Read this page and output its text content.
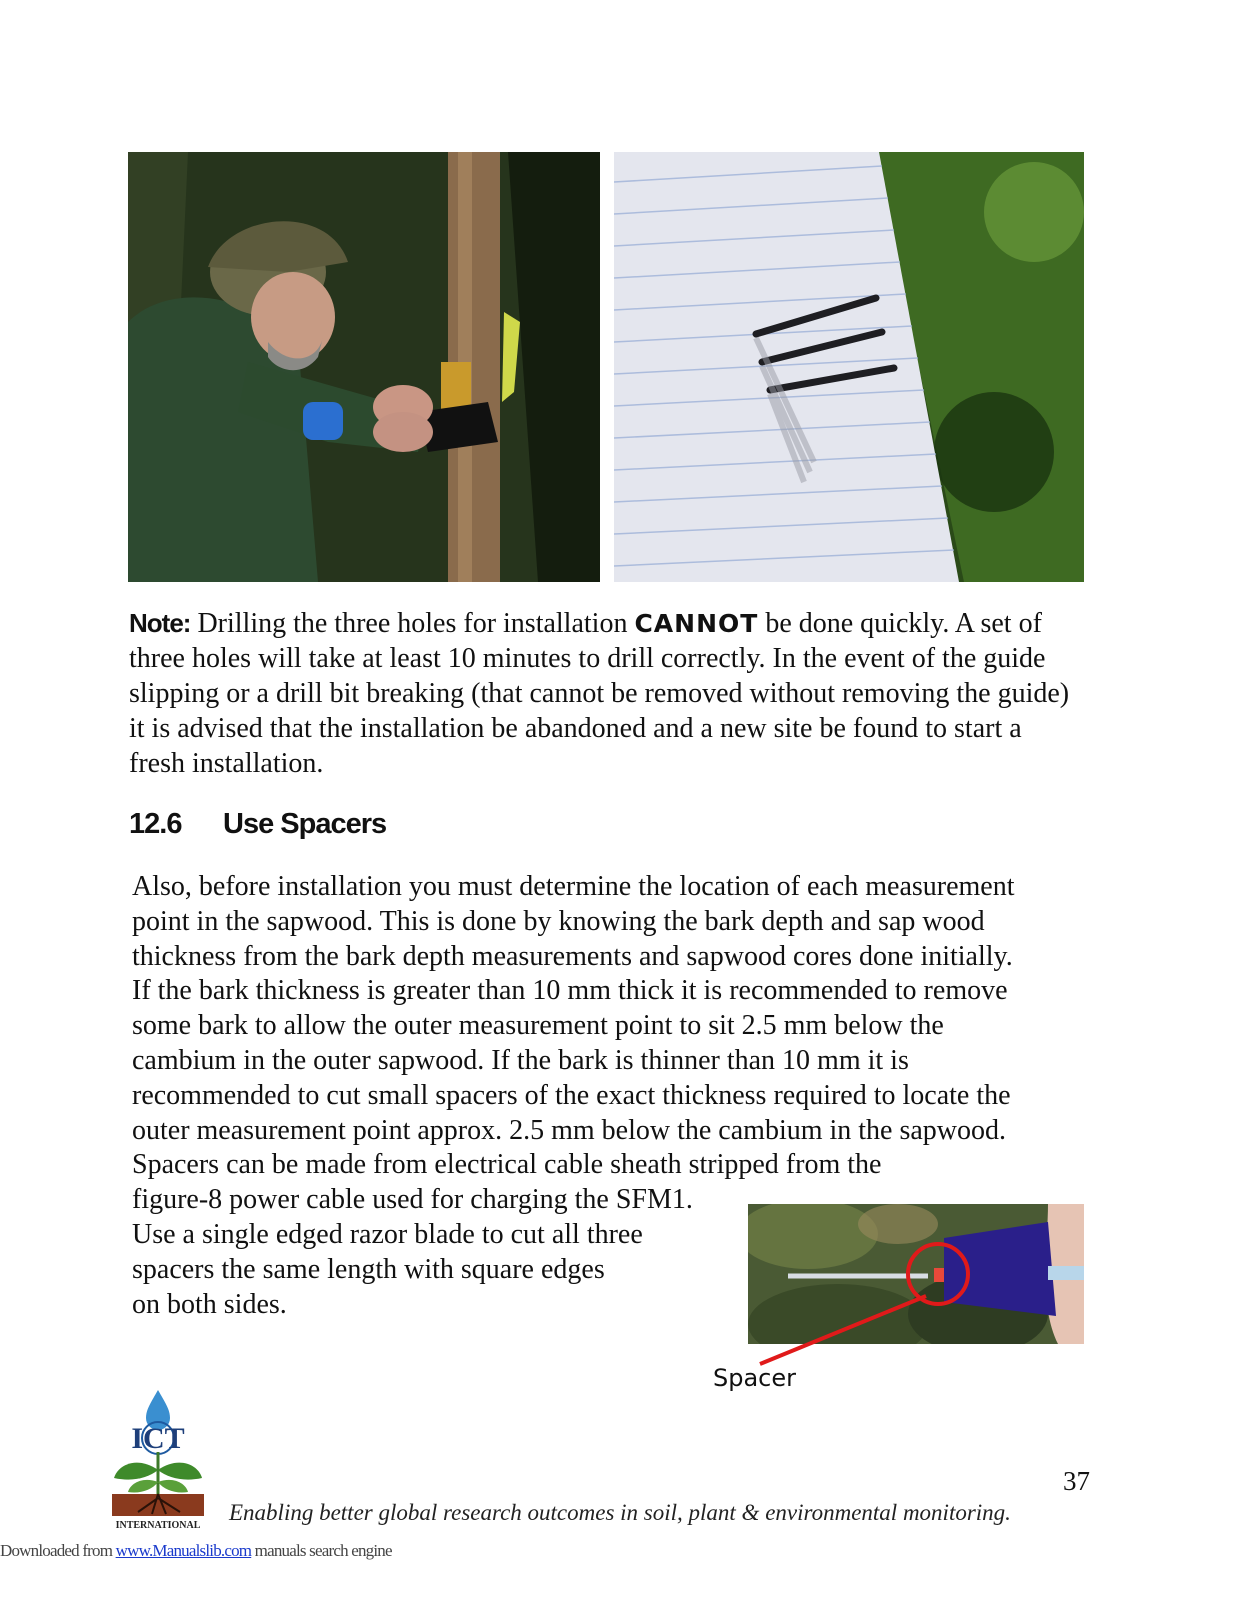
Note: Drilling the three holes for installation CANNOT be done quickly. A set of three holes will take at least 10 minutes to drill correctly. In the event of the guide slipping or a drill bit breaking (that cannot be removed without removing the guide) it is advised that the installation be abandoned and a new site be found to start a fresh installation.

12.6 Use Spacers

Also, before installation you must determine the location of each measurement
point in the sapwood. This is done by knowing the bark depth and sap wood
thickness from the bark depth measurements and sapwood cores done initially.
If the bark thickness is greater than 10 mm thick it is recommended to remove
some bark to allow the outer measurement point to sit 2.5 mm below the
cambium in the outer sapwood. If the bark is thinner than 10 mm it is
recommended to cut small spacers of the exact thickness required to locate the
outer measurement point approx. 2.5 mm below the cambium in the sapwood.
Spacers can be made from electrical cable sheath stripped from the
figure-8 power cable used for charging the SFM1.
Use a single edged razor blade to cut all three
spacers the same length with square edges
on both sides.

Spacer
ICT
INTERNATIONAL
Enabling better global research outcomes in soil, plant & environmental monitoring.
37
Downloaded from www.Manualslib.com manuals search engine
